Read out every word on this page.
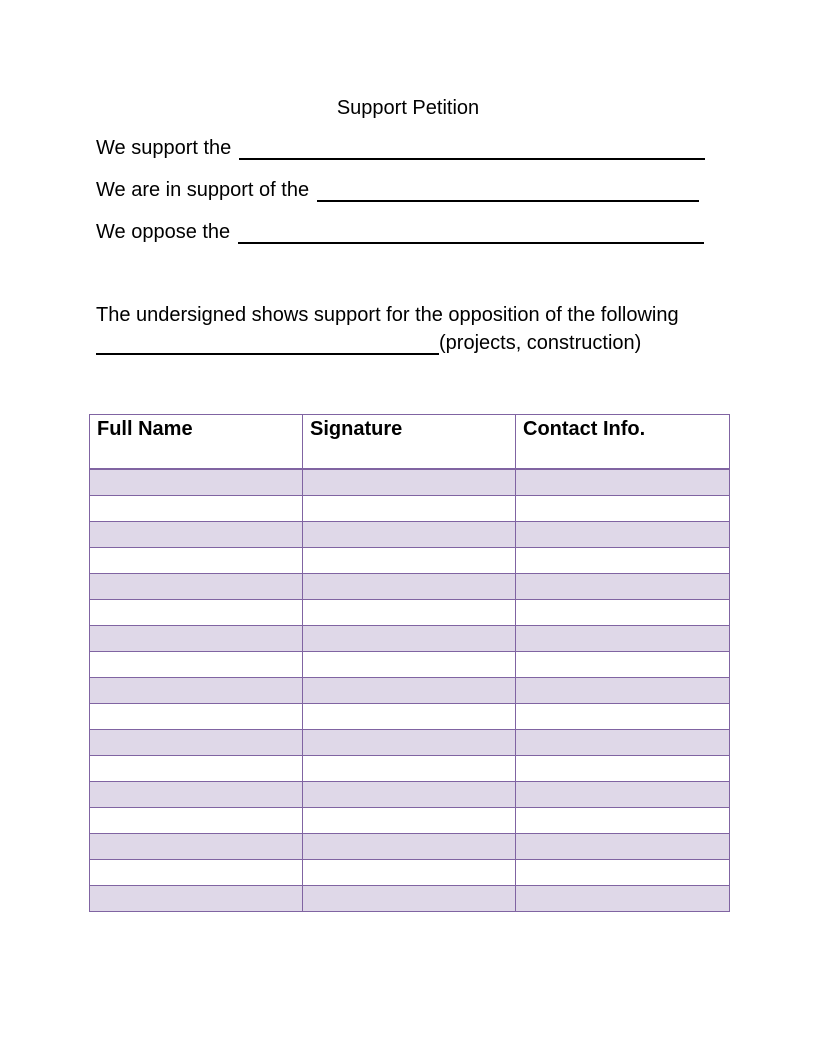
Support Petition
We support the
We are in support of the
We oppose the
The undersigned shows support for the opposition of the following
(projects, construction)
Full Name	Signature	Contact Info.
